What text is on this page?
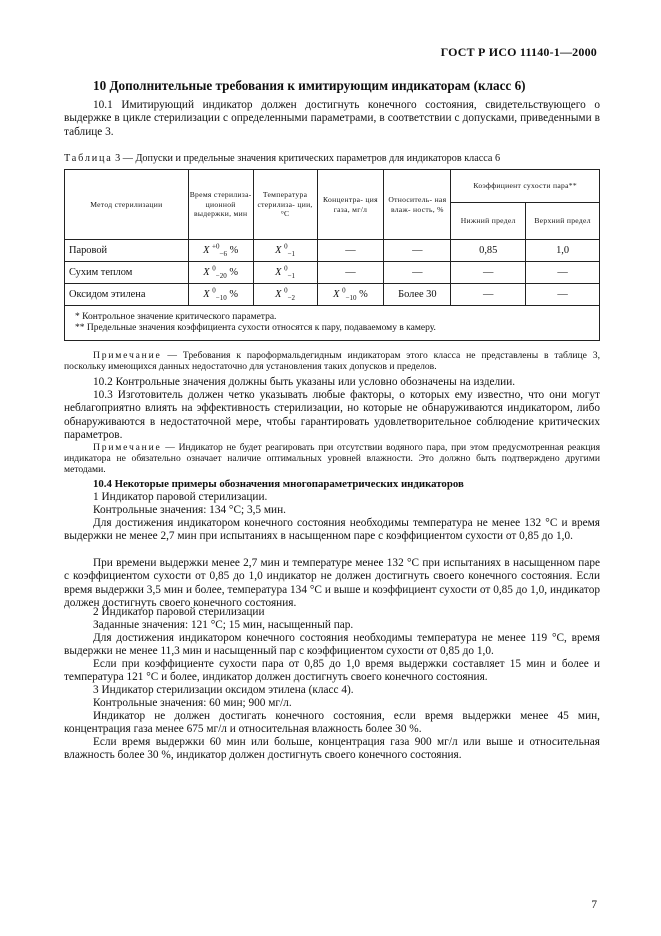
ГОСТ Р ИСО 11140-1—2000
10 Дополнительные требования к имитирующим индикаторам (класс 6)

10.1 Имитирующий индикатор должен достигнуть конечного состояния, свидетельствующего о выдержке в цикле стерилизации с определенными параметрами, в соответствии с допусками, приведенными в таблице 3.

Таблица 3 — Допуски и предельные значения критических параметров для индикаторов класса 6
Метод стерилизации	Время стерилиза- ционной выдержки, мин	Температура стерилиза- ции, °С	Концентра- ция газа, мг/л	Относитель- ная влаж- ность, %	Коэффициент сухости пара**	
					Нижний предел	Верхний предел
Паровой	X $^{+0}_{-6}$ %	X $^0_{-1}$	—	—	0,85	1,0
Сухим теплом	X $^0_{-20}$ %	X $^0_{-1}$	—	—	—	—
Оксидом этилена	X $^0_{-10}$ %	X $^0_{-2}$	X $^0_{-10}$ %	Более 30	—	—

* Контрольное значение критического параметра.
** Предельные значения коэффициента сухости относятся к пару, подаваемому в камеру.						

Примечание — Требования к пароформальдегидным индикаторам этого класса не представлены в таблице 3, поскольку имеющихся данных недостаточно для установления таких допусков и пределов.

10.2 Контрольные значения должны быть указаны или условно обозначены на изделии.

10.3 Изготовитель должен четко указывать любые факторы, о которых ему известно, что они могут неблагоприятно влиять на эффективность стерилизации, но которые не обнаруживаются индикатором, либо обнаруживаются в недостаточной мере, чтобы гарантировать удовлетворительное соблюдение критических параметров.

Примечание — Индикатор не будет реагировать при отсутствии водяного пара, при этом предусмотренная реакция индикатора не обязательно означает наличие оптимальных уровней влажности. Это должно быть подтверждено другими методами.

10.4 Некоторые примеры обозначения многопараметрических индикаторов

1 Индикатор паровой стерилизации.

Контрольные значения: 134 °С; 3,5 мин.

Для достижения индикатором конечного состояния необходимы температура не менее 132 °С и время выдержки не менее 2,7 мин при испытаниях в насыщенном паре с коэффициентом сухости от 0,85 до 1,0.

При времени выдержки менее 2,7 мин и температуре менее 132 °С при испытаниях в насыщенном паре с коэффициентом сухости от 0,85 до 1,0 индикатор не должен достигнуть своего конечного состояния. Если время выдержки 3,5 мин и более, температура 134 °С и выше и коэффициент сухости от 0,85 до 1,0, индикатор должен достигнуть своего конечного состояния.

2 Индикатор паровой стерилизации

Заданные значения: 121 °С; 15 мин, насыщенный пар.

Для достижения индикатором конечного состояния необходимы температура не менее 119 °С, время выдержки не менее 11,3 мин и насыщенный пар с коэффициентом сухости от 0,85 до 1,0.

Если при коэффициенте сухости пара от 0,85 до 1,0 время выдержки составляет 15 мин и более и температура 121 °С и более, индикатор должен достигнуть своего конечного состояния.

3 Индикатор стерилизации оксидом этилена (класс 4).

Контрольные значения: 60 мин; 900 мг/л.

Индикатор не должен достигать конечного состояния, если время выдержки менее 45 мин, концентрация газа менее 675 мг/л и относительная влажность более 30 %.

Если время выдержки 60 мин или больше, концентрация газа 900 мг/л или выше и относительная влажность более 30 %, индикатор должен достигнуть своего конечного состояния.

7
